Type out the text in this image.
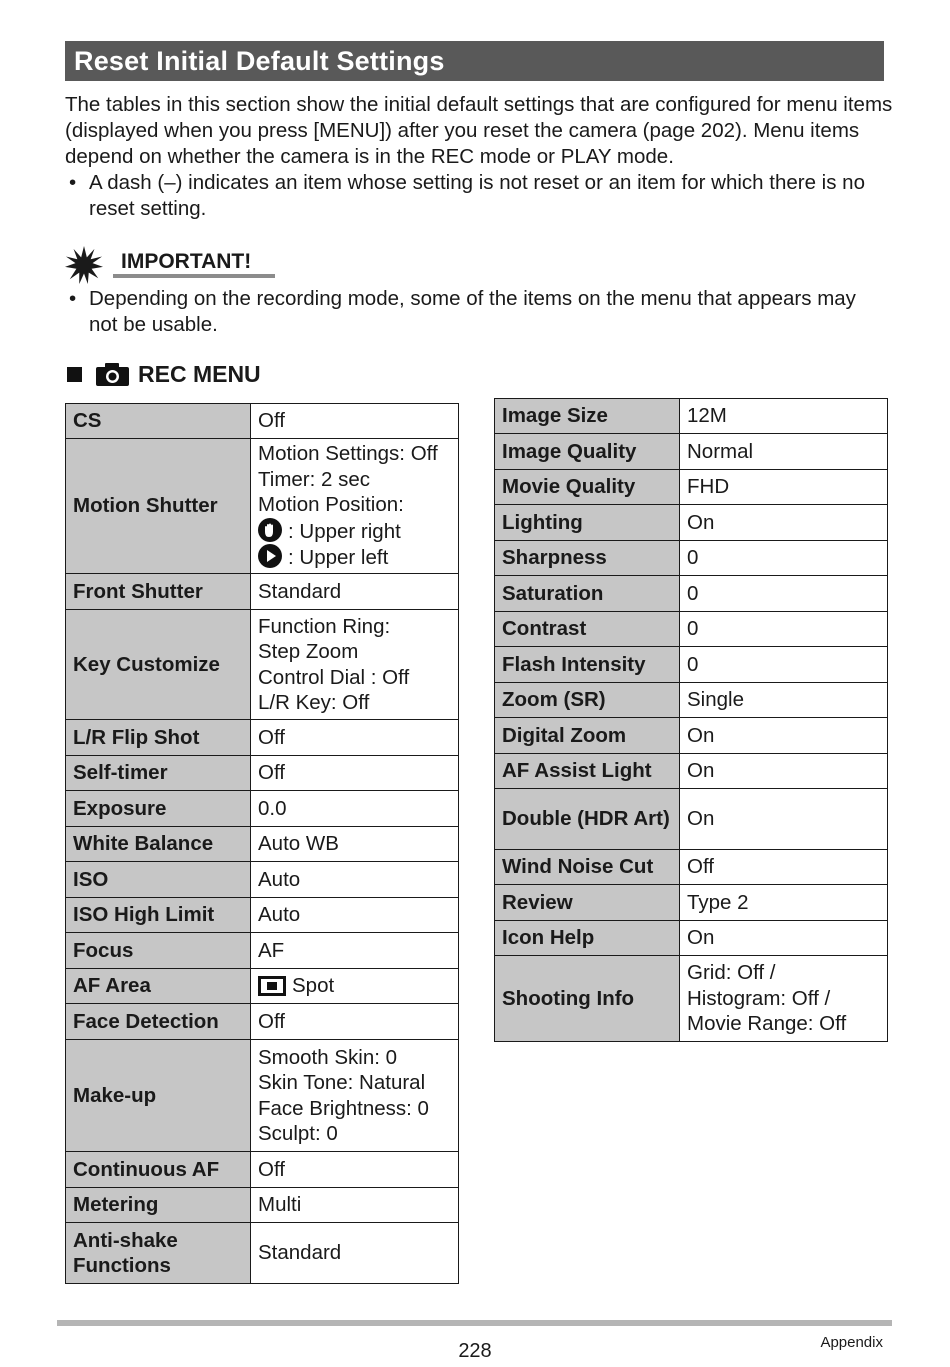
Reset Initial Default Settings

The tables in this section show the initial default settings that are configured for menu items (displayed when you press [MENU]) after you reset the camera (page 202). Menu items depend on whether the camera is in the REC mode or PLAY mode.

• A dash (–) indicates an item whose setting is not reset or an item for which there is no reset setting.
IMPORTANT!
• Depending on the recording mode, some of the items on the menu that appears may not be usable.
REC MENU
CS	Off

Motion Shutter	Motion Settings: Off
Timer: 2 sec
Motion Position:
: Upper right
: Upper left

Front Shutter	Standard

Key Customize	Function Ring:
Step Zoom
Control Dial : Off
L/R Key: Off

L/R Flip Shot	Off

Self-timer	Off

Exposure	0.0

White Balance	Auto WB

ISO	Auto

ISO High Limit	Auto

Focus	AF

AF Area	Spot

Face Detection	Off

Make-up	Smooth Skin: 0
Skin Tone: Natural
Face Brightness: 0
Sculpt: 0

Continuous AF	Off

Metering	Multi

Anti-shake Functions	Standard
Image Size	12M

Image Quality	Normal

Movie Quality	FHD

Lighting	On

Sharpness	0

Saturation	0

Contrast	0

Flash Intensity	0

Zoom (SR)	Single

Digital Zoom	On

AF Assist Light	On

Double (HDR Art)	On

Wind Noise Cut	Off

Review	Type 2

Icon Help	On

Shooting Info	Grid: Off /
Histogram: Off /
Movie Range: Off
228	Appendix
